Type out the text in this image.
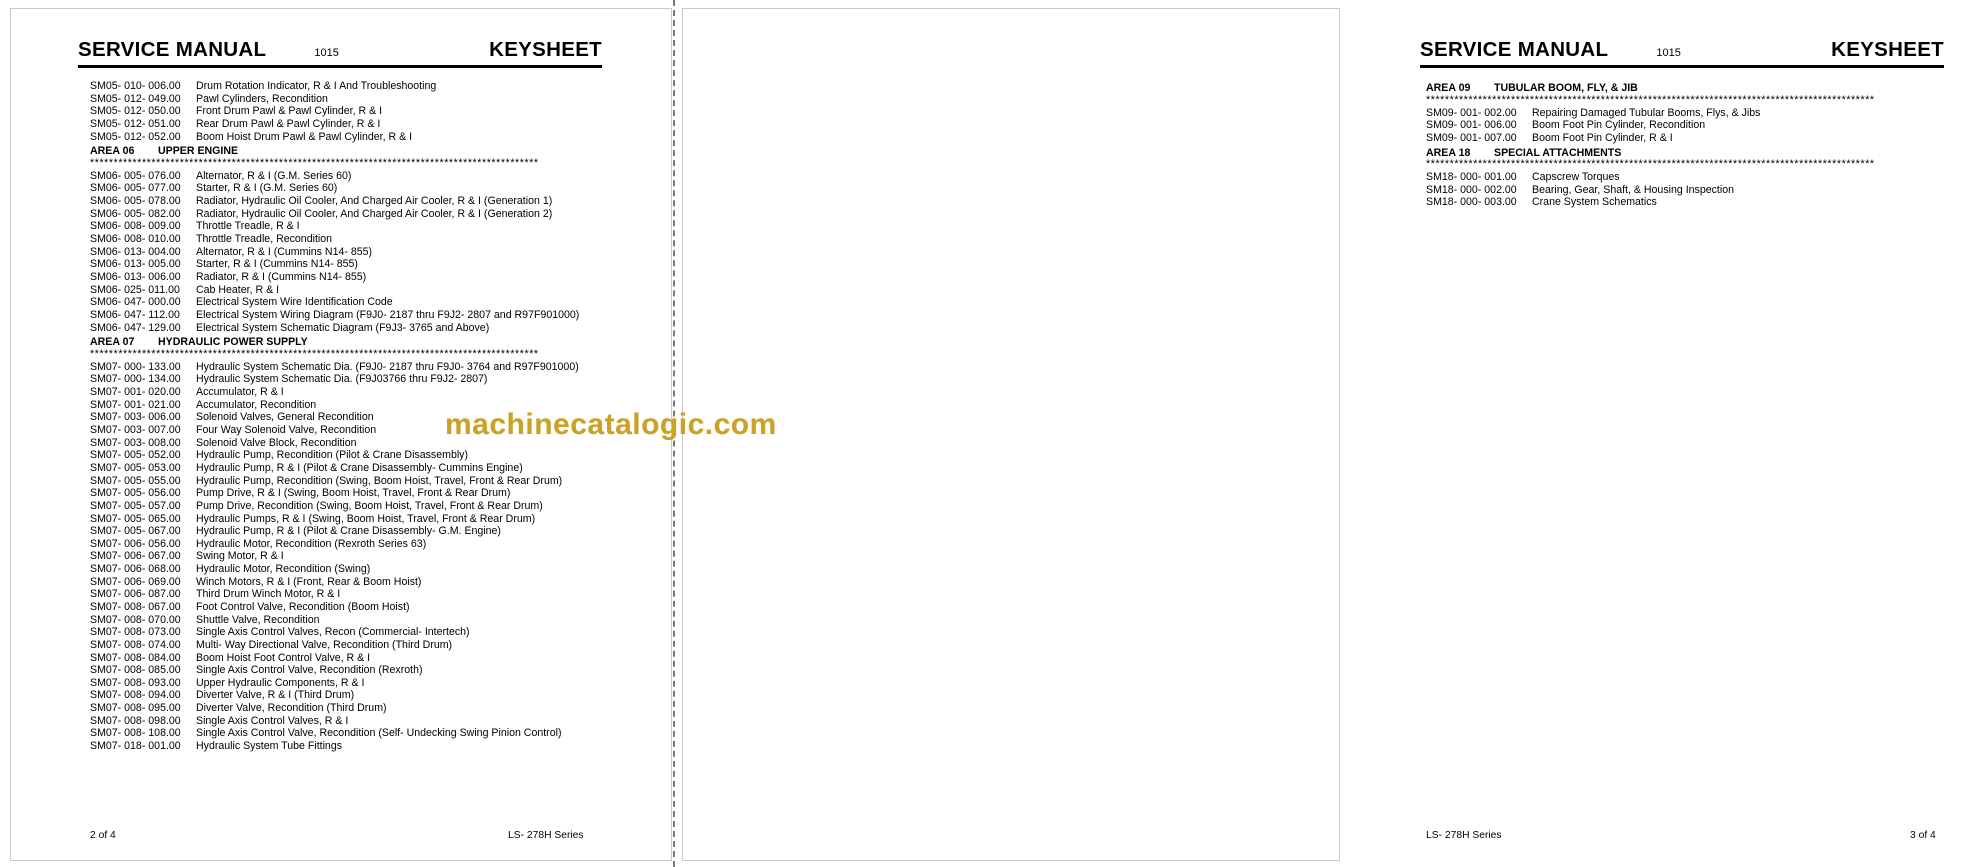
SERVICE MANUAL	1015	KEYSHEET
SM05- 010- 006.00	Drum Rotation Indicator, R & I And Troubleshooting
SM05- 012- 049.00	Pawl Cylinders, Recondition
SM05- 012- 050.00	Front Drum Pawl & Pawl Cylinder, R & I
SM05- 012- 051.00	Rear Drum Pawl & Pawl Cylinder, R & I
SM05- 012- 052.00	Boom Hoist Drum Pawl & Pawl Cylinder, R & I
AREA 06	UPPER ENGINE
***********************************************************************************************
SM06- 005- 076.00	Alternator, R & I (G.M. Series 60)
SM06- 005- 077.00	Starter, R & I (G.M. Series 60)
SM06- 005- 078.00	Radiator, Hydraulic Oil Cooler, And Charged Air Cooler, R & I (Generation 1)
SM06- 005- 082.00	Radiator, Hydraulic Oil Cooler, And Charged Air Cooler, R & I (Generation 2)
SM06- 008- 009.00	Throttle Treadle, R & I
SM06- 008- 010.00	Throttle Treadle, Recondition
SM06- 013- 004.00	Alternator, R & I (Cummins N14- 855)
SM06- 013- 005.00	Starter, R & I (Cummins N14- 855)
SM06- 013- 006.00	Radiator, R & I (Cummins N14- 855)
SM06- 025- 011.00	Cab Heater, R & I
SM06- 047- 000.00	Electrical System Wire Identification Code
SM06- 047- 112.00	Electrical System Wiring Diagram (F9J0- 2187 thru F9J2- 2807 and R97F901000)
SM06- 047- 129.00	Electrical System Schematic Diagram (F9J3- 3765 and Above)
AREA 07	HYDRAULIC POWER SUPPLY
***********************************************************************************************
SM07- 000- 133.00	Hydraulic System Schematic Dia. (F9J0- 2187 thru F9J0- 3764 and R97F901000)
SM07- 000- 134.00	Hydraulic System Schematic Dia. (F9J03766 thru F9J2- 2807)
SM07- 001- 020.00	Accumulator, R & I
SM07- 001- 021.00	Accumulator, Recondition
SM07- 003- 006.00	Solenoid Valves, General Recondition
SM07- 003- 007.00	Four Way Solenoid Valve, Recondition
SM07- 003- 008.00	Solenoid Valve Block, Recondition
SM07- 005- 052.00	Hydraulic Pump, Recondition (Pilot & Crane Disassembly)
SM07- 005- 053.00	Hydraulic Pump, R & I (Pilot & Crane Disassembly- Cummins Engine)
SM07- 005- 055.00	Hydraulic Pump, Recondition (Swing, Boom Hoist, Travel, Front & Rear Drum)
SM07- 005- 056.00	Pump Drive, R & I (Swing, Boom Hoist, Travel, Front & Rear Drum)
SM07- 005- 057.00	Pump Drive, Recondition (Swing, Boom Hoist, Travel, Front & Rear Drum)
SM07- 005- 065.00	Hydraulic Pumps, R & I (Swing, Boom Hoist, Travel, Front & Rear Drum)
SM07- 005- 067.00	Hydraulic Pump, R & I (Pilot & Crane Disassembly- G.M. Engine)
SM07- 006- 056.00	Hydraulic Motor, Recondition (Rexroth Series 63)
SM07- 006- 067.00	Swing Motor, R & I
SM07- 006- 068.00	Hydraulic Motor, Recondition (Swing)
SM07- 006- 069.00	Winch Motors, R & I (Front, Rear & Boom Hoist)
SM07- 006- 087.00	Third Drum Winch Motor, R & I
SM07- 008- 067.00	Foot Control Valve, Recondition (Boom Hoist)
SM07- 008- 070.00	Shuttle Valve, Recondition
SM07- 008- 073.00	Single Axis Control Valves, Recon (Commercial- Intertech)
SM07- 008- 074.00	Multi- Way Directional Valve, Recondition (Third Drum)
SM07- 008- 084.00	Boom Hoist Foot Control Valve, R & I
SM07- 008- 085.00	Single Axis Control Valve, Recondition (Rexroth)
SM07- 008- 093.00	Upper Hydraulic Components, R & I
SM07- 008- 094.00	Diverter Valve, R & I (Third Drum)
SM07- 008- 095.00	Diverter Valve, Recondition (Third Drum)
SM07- 008- 098.00	Single Axis Control Valves, R & I
SM07- 008- 108.00	Single Axis Control Valve, Recondition (Self- Undecking Swing Pinion Control)
SM07- 018- 001.00	Hydraulic System Tube Fittings
2 of 4	LS- 278H Series
SERVICE MANUAL	1015	KEYSHEET
AREA 09	TUBULAR BOOM, FLY, & JIB
***********************************************************************************************
SM09- 001- 002.00	Repairing Damaged Tubular Booms, Flys, & Jibs
SM09- 001- 006.00	Boom Foot Pin Cylinder, Recondition
SM09- 001- 007.00	Boom Foot Pin Cylinder, R & I
AREA 18	SPECIAL ATTACHMENTS
***********************************************************************************************
SM18- 000- 001.00	Capscrew Torques
SM18- 000- 002.00	Bearing, Gear, Shaft, & Housing Inspection
SM18- 000- 003.00	Crane System Schematics
LS- 278H Series	3 of 4
machinecatalogic.com
